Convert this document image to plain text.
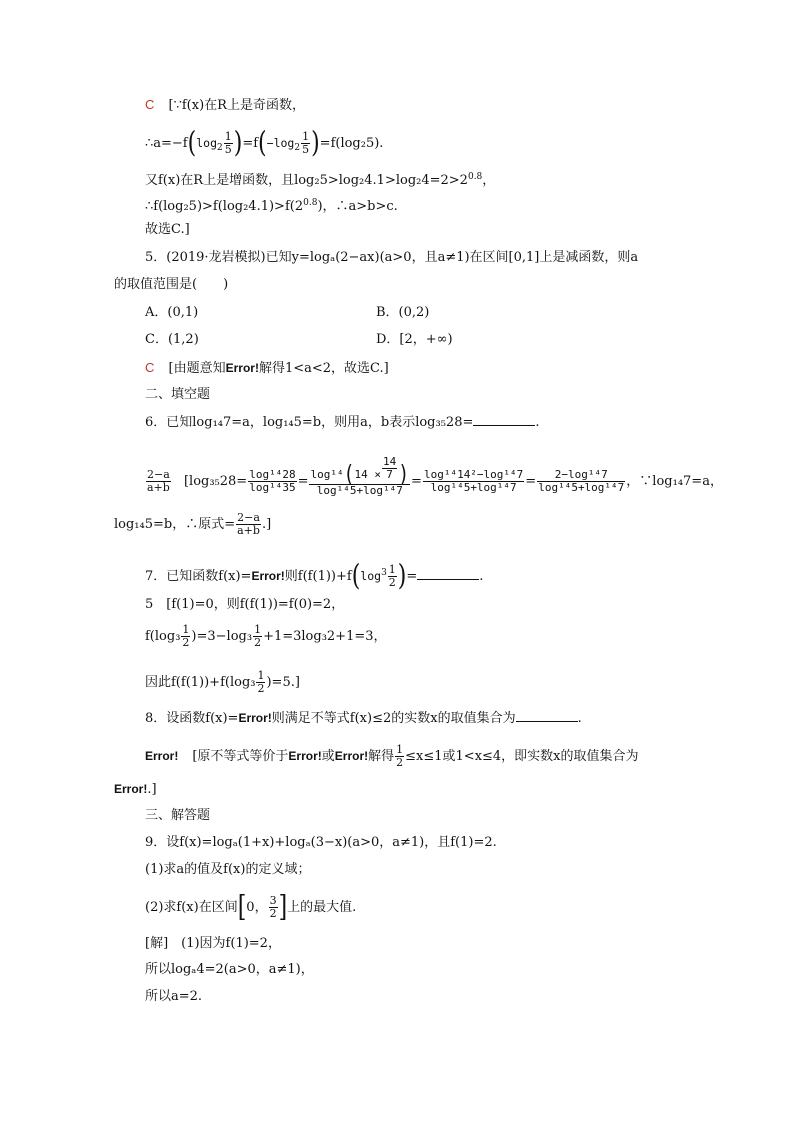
C [∵f(x)在R上是奇函数，
$\therefore a=-f(\log_2 \frac{1}{5} )=f(-\log_2 \frac{1}{5} )=f(\log_25)$.
又f(x)在R上是增函数，且$\log_25>\log_24.1>\log_24=2>2^{0.8}$，
$\therefore f(\log_25)>f(\log_24.1)>f(2^{0.8})$，∴a>b>c.
故选C.]
5．(2019·龙岩模拟)已知y=logₐ(2−ax)(a>0，且a≠1)在区间[0,1]上是减函数，则a
的取值范围是(　　)
A．(0,1)	B．(0,2)
C．(1,2)	D．[2，+∞)
C [由题意知Error!解得1<a<2，故选C.]
二、填空题
6．已知log₁₄7=a，log₁₄5=b，则用a，b表示log₃₅28=	.
$\frac{2-a}{a+b} [\log_{35}28= \frac{\text{log¹⁴28}}{\text{log¹⁴35}} = \frac{\log^{14}(14 \times \frac{14}{7} )}{\text{log¹⁴5+log¹⁴7}} = \frac{\text{log¹⁴14²−log¹⁴7}}{\text{log¹⁴5+log¹⁴7}} = \frac{\text{2−log¹⁴7}}{\text{log¹⁴5+log¹⁴7}}$ ，∵log₁₄7=a，
log₁₄5=b，∴原式= $\frac{2-a}{a+b}$ .]
7．已知函数f(x)=Error!则$f(f(1))+f(\log^3 \frac{1}{2}$ )=	.
5　[f(1)=0，则f(f(1))=f(0)=2，
$f(\log_3 \frac{1}{2} )=3-\log_3 \frac{1}{2} +1=3\log_32+1=3$，
因此$f(f(1))+f(\log_3 \frac{1}{2} )=5$.]
8．设函数f(x)=Error!则满足不等式f(x)≤2的实数x的取值集合为	.
Error! [原不等式等价于Error!或Error!解得 $\frac{1}{2} \le x\le 1$或1<x≤4，即实数x的取值集合为
Error!.]
三、解答题
9．设f(x)=logₐ(1+x)+logₐ(3−x)(a>0，a≠1)，且f(1)=2.
(1)求a的值及f(x)的定义域；
(2)求f(x)在区间[0， $\frac{3}{2}$ ]上的最大值.
[解]　(1)因为f(1)=2，
所以logₐ4=2(a>0，a≠1)，
所以a=2.
